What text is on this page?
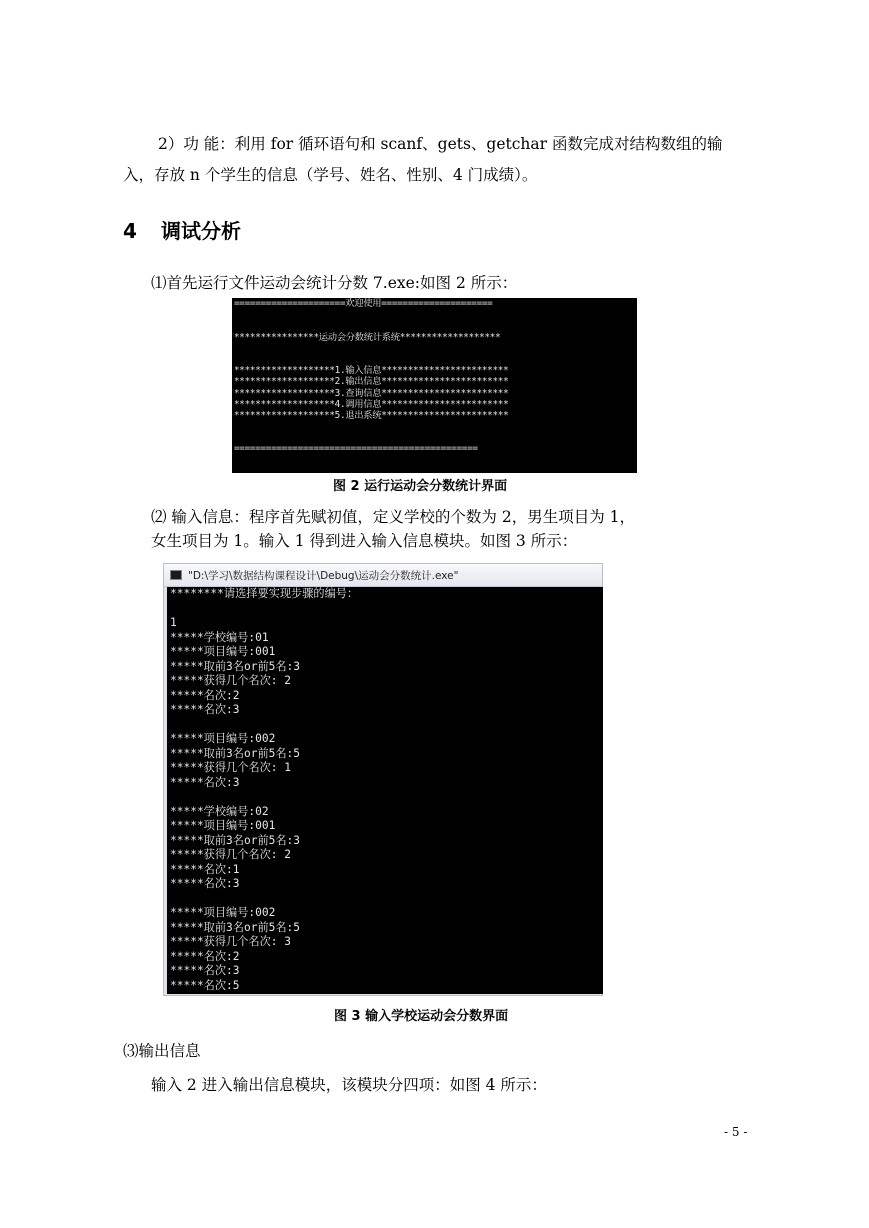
2）功 能：利用 for 循环语句和 scanf、gets、getchar 函数完成对结构数组的输
入，存放 n 个学生的信息（学号、姓名、性别、4 门成绩）。
4 调试分析
⑴首先运行文件运动会统计分数 7.exe:如图 2 所示：
=====================欢迎使用=====================
****************运动会分数统计系统*******************
*******************1.输入信息************************
*******************2.输出信息************************
*******************3.查询信息************************
*******************4.调用信息************************
*******************5.退出系统************************
==============================================
图 2 运行运动会分数统计界面
⑵ 输入信息：程序首先赋初值，定义学校的个数为 2，男生项目为 1，
女生项目为 1。输入 1 得到进入输入信息模块。如图 3 所示：
"D:\学习\数据结构课程设计\Debug\运动会分数统计.exe"
********请选择要实现步骤的编号：
1
*****学校编号:01
*****项目编号:001
*****取前3名or前5名:3
*****获得几个名次: 2
*****名次:2
*****名次:3
*****项目编号:002
*****取前3名or前5名:5
*****获得几个名次: 1
*****名次:3
*****学校编号:02
*****项目编号:001
*****取前3名or前5名:3
*****获得几个名次: 2
*****名次:1
*****名次:3
*****项目编号:002
*****取前3名or前5名:5
*****获得几个名次: 3
*****名次:2
*****名次:3
*****名次:5
图 3 输入学校运动会分数界面
⑶输出信息
输入 2 进入输出信息模块，该模块分四项：如图 4 所示：
- 5 -
